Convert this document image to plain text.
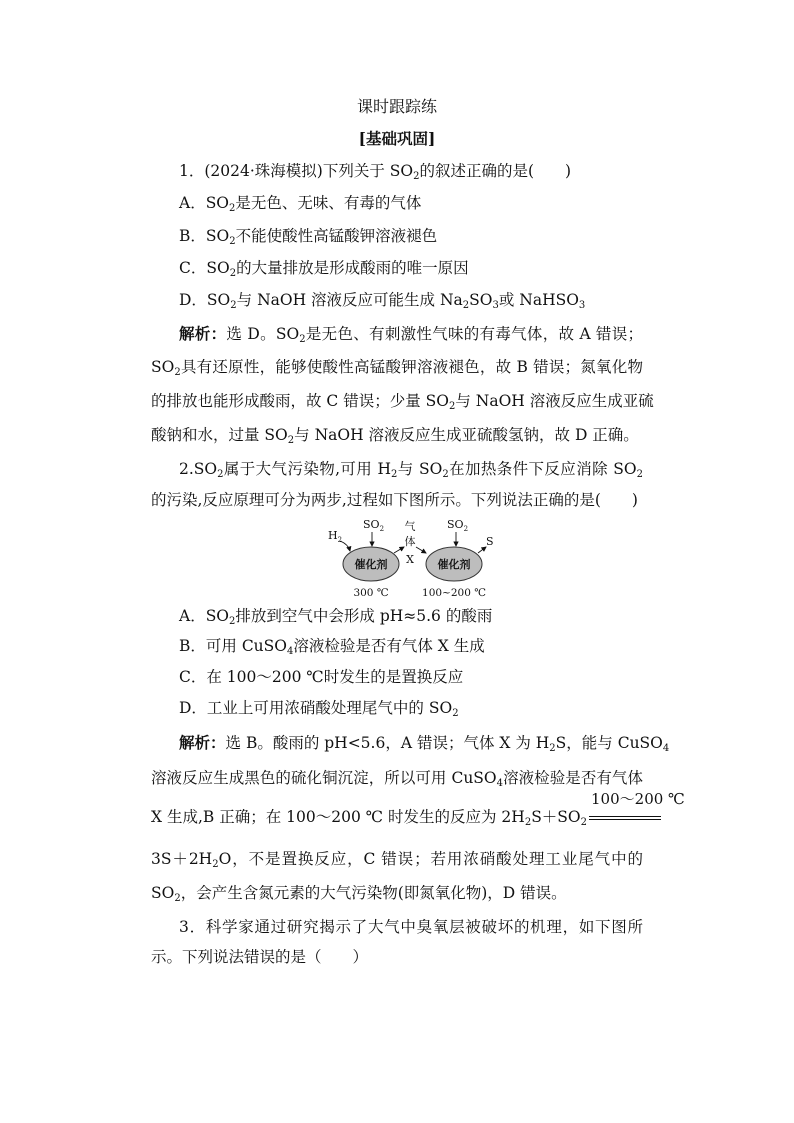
课时跟踪练
[基础巩固]
1．(2024·珠海模拟)下列关于 $SO_2$的叙述正确的是(　　)
A．$SO_2$是无色、无味、有毒的气体
B．$SO_2$不能使酸性高锰酸钾溶液褪色
C．$SO_2$的大量排放是形成酸雨的唯一原因
D．$SO_2$与 NaOH 溶液反应可能生成 $Na_2SO_3$或 NaHSO$_3$
解析：选 D。$SO_2$是无色、有刺激性气味的有毒气体，故 A 错误；
$SO_2$具有还原性，能够使酸性高锰酸钾溶液褪色，故 B 错误；氮氧化物
的排放也能形成酸雨，故 C 错误；少量 $SO_2$与 NaOH 溶液反应生成亚硫
酸钠和水，过量 $SO_2$与 NaOH 溶液反应生成亚硫酸氢钠，故 D 正确。
$2.SO_2$属于大气污染物,可用 $H_2$与 $SO_2$在加热条件下反应消除 $SO_2$
的污染,反应原理可分为两步,过程如下图所示。下列说法正确的是(　　)
$H_2$
$SO_2$
催化剂
300 ℃
气
体
X
$SO_2$
催化剂
100~200 ℃
S
A．$SO_2$排放到空气中会形成 pH≈5.6 的酸雨
B．可用 CuSO$_4$溶液检验是否有气体 X 生成
C．在 100～200 ℃时发生的是置换反应
D．工业上可用浓硝酸处理尾气中的 $SO_2$
解析：选 B。酸雨的 pH<5.6，A 错误；气体 X 为 $H_2S$，能与 CuSO$_4$
溶液反应生成黑色的硫化铜沉淀，所以可用 CuSO$_4$溶液检验是否有气体
X 生成,B 正确；在 100～200 ℃ 时发生的反应为 $2H_2S+SO_2$
100～200 ℃
$3S+2H_2O$，不是置换反应，C 错误；若用浓硝酸处理工业尾气中的
$SO_2$，会产生含氮元素的大气污染物(即氮氧化物)，D 错误。
3．科学家通过研究揭示了大气中臭氧层被破坏的机理，如下图所
示。下列说法错误的是（　　）
